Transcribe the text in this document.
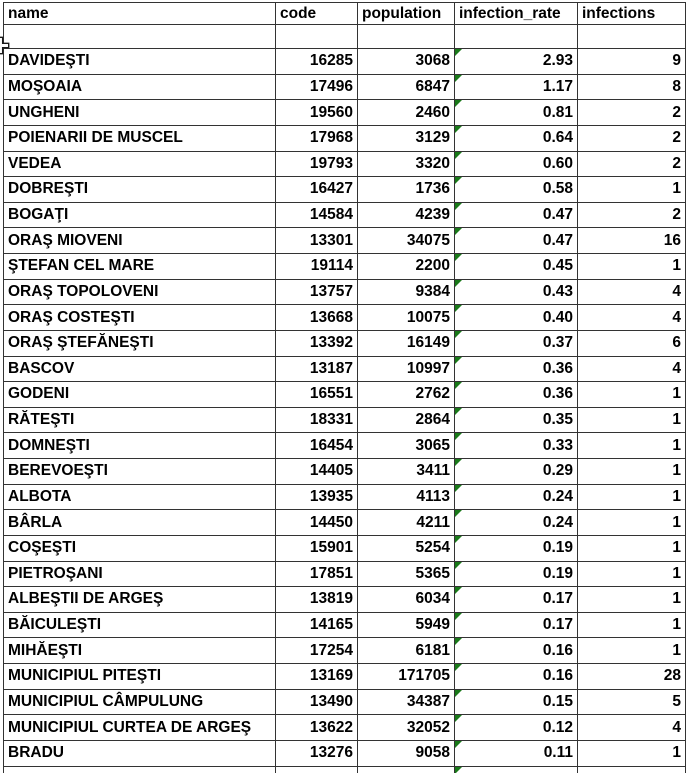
name	code	population	infection_rate	infections
DAVIDEŞTI	16285	3068	2.93	9
MOŞOAIA	17496	6847	1.17	8
UNGHENI	19560	2460	0.81	2
POIENARII DE MUSCEL	17968	3129	0.64	2
VEDEA	19793	3320	0.60	2
DOBREŞTI	16427	1736	0.58	1
BOGAŢI	14584	4239	0.47	2
ORAŞ MIOVENI	13301	34075	0.47	16
ŞTEFAN CEL MARE	19114	2200	0.45	1
ORAŞ TOPOLOVENI	13757	9384	0.43	4
ORAŞ COSTEŞTI	13668	10075	0.40	4
ORAŞ ŞTEFĂNEŞTI	13392	16149	0.37	6
BASCOV	13187	10997	0.36	4
GODENI	16551	2762	0.36	1
RĂTEŞTI	18331	2864	0.35	1
DOMNEŞTI	16454	3065	0.33	1
BEREVOEŞTI	14405	3411	0.29	1
ALBOTA	13935	4113	0.24	1
BÂRLA	14450	4211	0.24	1
COŞEŞTI	15901	5254	0.19	1
PIETROŞANI	17851	5365	0.19	1
ALBEŞTII DE ARGEŞ	13819	6034	0.17	1
BĂICULEŞTI	14165	5949	0.17	1
MIHĂEŞTI	17254	6181	0.16	1
MUNICIPIUL PITEŞTI	13169	171705	0.16	28
MUNICIPIUL CÂMPULUNG	13490	34387	0.15	5
MUNICIPIUL CURTEA DE ARGEŞ	13622	32052	0.12	4
BRADU	13276	9058	0.11	1
